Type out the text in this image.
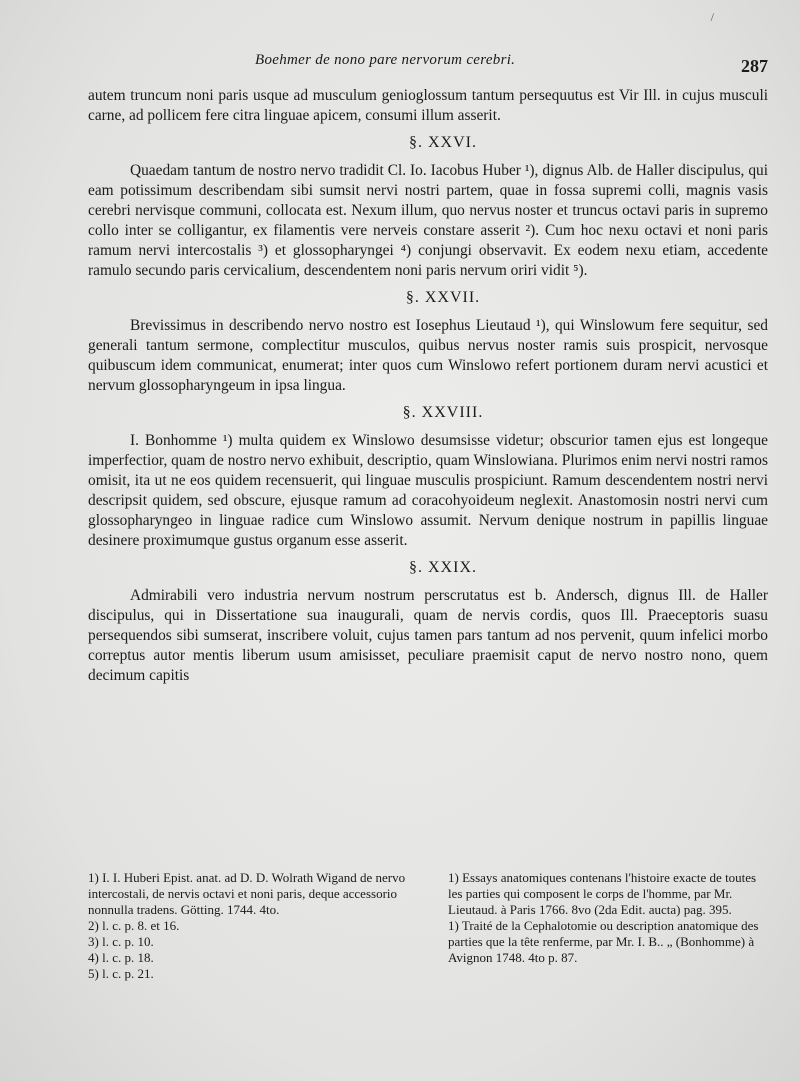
Boehmer de nono pare nervorum cerebri.	287
/

autem truncum noni paris usque ad musculum genioglossum tantum persequutus est Vir Ill. in cujus musculi carne, ad pollicem fere citra linguae apicem, consumi illum asserit.

§. XXVI.

Quaedam tantum de nostro nervo tradidit Cl. Io. Iacobus Huber ¹), dignus Alb. de Haller discipulus, qui eam potissimum describendam sibi sumsit nervi nostri partem, quae in fossa supremi colli, magnis vasis cerebri nervisque communi, collocata est. Nexum illum, quo nervus noster et truncus octavi paris in supremo collo inter se colligantur, ex filamentis vere nerveis constare asserit ²). Cum hoc nexu octavi et noni paris ramum nervi intercostalis ³) et glossopharyngei ⁴) conjungi observavit. Ex eodem nexu etiam, accedente ramulo secundo paris cervicalium, descendentem noni paris nervum oriri vidit ⁵).

§. XXVII.

Brevissimus in describendo nervo nostro est Iosephus Lieutaud ¹), qui Winslowum fere sequitur, sed generali tantum sermone, complectitur musculos, quibus nervus noster ramis suis prospicit, nervosque quibuscum idem communicat, enumerat; inter quos cum Winslowo refert portionem duram nervi acustici et nervum glossopharyngeum in ipsa lingua.

§. XXVIII.

I. Bonhomme ¹) multa quidem ex Winslowo desumsisse videtur; obscurior tamen ejus est longeque imperfectior, quam de nostro nervo exhibuit, descriptio, quam Winslowiana. Plurimos enim nervi nostri ramos omisit, ita ut ne eos quidem recensuerit, qui linguae musculis prospiciunt. Ramum descendentem nostri nervi descripsit quidem, sed obscure, ejusque ramum ad coracohyoideum neglexit. Anastomosin nostri nervi cum glossopharyngeo in linguae radice cum Winslowo assumit. Nervum denique nostrum in papillis linguae desinere proximumque gustus organum esse asserit.

§. XXIX.

Admirabili vero industria nervum nostrum perscrutatus est b. Andersch, dignus Ill. de Haller discipulus, qui in Dissertatione sua inaugurali, quam de nervis cordis, quos Ill. Praeceptoris suasu persequendos sibi sumserat, inscribere voluit, cujus tamen pars tantum ad nos pervenit, quum infelici morbo correptus autor mentis liberum usum amisisset, peculiare praemisit caput de nervo nostro nono, quem decimum capitis

1) I. I. Huberi Epist. anat. ad D. D. Wolrath Wigand de nervo intercostali, de nervis octavi et noni paris, deque accessorio nonnulla tradens. Götting. 1744. 4to.

2) l. c. p. 8. et 16.

3) l. c. p. 10.

4) l. c. p. 18.

5) l. c. p. 21.

1) Essays anatomiques contenans l'histoire exacte de toutes les parties qui composent le corps de l'homme, par Mr. Lieutaud. à Paris 1766. 8vo (2da Edit. aucta) pag. 395.

1) Traité de la Cephalotomie ou description anatomique des parties que la tête renferme, par Mr. I. B.. „ (Bonhomme) à Avignon 1748. 4to p. 87.
